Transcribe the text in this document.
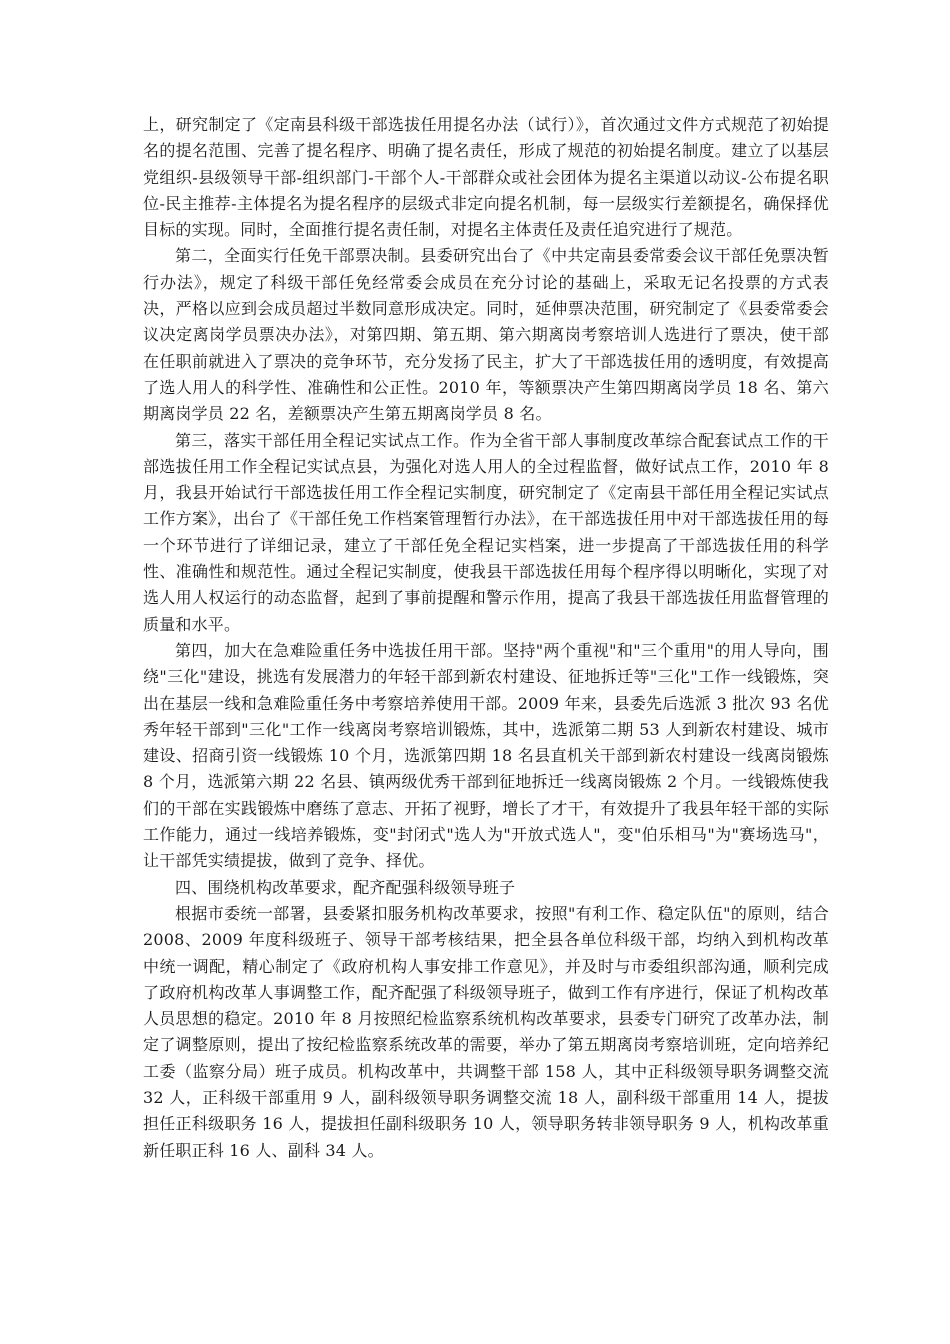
上，研究制定了《定南县科级干部选拔任用提名办法（试行）》，首次通过文件方式规范了初始提名的提名范围、完善了提名程序、明确了提名责任，形成了规范的初始提名制度。建立了以基层党组织-县级领导干部-组织部门-干部个人-干部群众或社会团体为提名主渠道以动议-公布提名职位-民主推荐-主体提名为提名程序的层级式非定向提名机制，每一层级实行差额提名，确保择优目标的实现。同时，全面推行提名责任制，对提名主体责任及责任追究进行了规范。

第二，全面实行任免干部票决制。县委研究出台了《中共定南县委常委会议干部任免票决暂行办法》，规定了科级干部任免经常委会成员在充分讨论的基础上，采取无记名投票的方式表决，严格以应到会成员超过半数同意形成决定。同时，延伸票决范围，研究制定了《县委常委会议决定离岗学员票决办法》，对第四期、第五期、第六期离岗考察培训人选进行了票决，使干部在任职前就进入了票决的竞争环节，充分发扬了民主，扩大了干部选拔任用的透明度，有效提高了选人用人的科学性、准确性和公正性。2010 年，等额票决产生第四期离岗学员 18 名、第六期离岗学员 22 名，差额票决产生第五期离岗学员 8 名。

第三，落实干部任用全程记实试点工作。作为全省干部人事制度改革综合配套试点工作的干部选拔任用工作全程记实试点县，为强化对选人用人的全过程监督，做好试点工作，2010 年 8 月，我县开始试行干部选拔任用工作全程记实制度，研究制定了《定南县干部任用全程记实试点工作方案》，出台了《干部任免工作档案管理暂行办法》，在干部选拔任用中对干部选拔任用的每一个环节进行了详细记录，建立了干部任免全程记实档案，进一步提高了干部选拔任用的科学性、准确性和规范性。通过全程记实制度，使我县干部选拔任用每个程序得以明晰化，实现了对选人用人权运行的动态监督，起到了事前提醒和警示作用，提高了我县干部选拔任用监督管理的质量和水平。

第四，加大在急难险重任务中选拔任用干部。坚持"两个重视"和"三个重用"的用人导向，围绕"三化"建设，挑选有发展潜力的年轻干部到新农村建设、征地拆迁等"三化"工作一线锻炼，突出在基层一线和急难险重任务中考察培养使用干部。2009 年来，县委先后选派 3 批次 93 名优秀年轻干部到"三化"工作一线离岗考察培训锻炼，其中，选派第二期 53 人到新农村建设、城市建设、招商引资一线锻炼 10 个月，选派第四期 18 名县直机关干部到新农村建设一线离岗锻炼 8 个月，选派第六期 22 名县、镇两级优秀干部到征地拆迁一线离岗锻炼 2 个月。一线锻炼使我们的干部在实践锻炼中磨练了意志、开拓了视野，增长了才干，有效提升了我县年轻干部的实际工作能力，通过一线培养锻炼，变"封闭式"选人为"开放式选人"，变"伯乐相马"为"赛场选马"，让干部凭实绩提拔，做到了竞争、择优。

四、围绕机构改革要求，配齐配强科级领导班子

根据市委统一部署，县委紧扣服务机构改革要求，按照"有利工作、稳定队伍"的原则，结合 2008、2009 年度科级班子、领导干部考核结果，把全县各单位科级干部，均纳入到机构改革中统一调配，精心制定了《政府机构人事安排工作意见》，并及时与市委组织部沟通，顺利完成了政府机构改革人事调整工作，配齐配强了科级领导班子，做到工作有序进行，保证了机构改革人员思想的稳定。2010 年 8 月按照纪检监察系统机构改革要求，县委专门研究了改革办法，制定了调整原则，提出了按纪检监察系统改革的需要，举办了第五期离岗考察培训班，定向培养纪工委（监察分局）班子成员。机构改革中，共调整干部 158 人，其中正科级领导职务调整交流 32 人，正科级干部重用 9 人，副科级领导职务调整交流 18 人，副科级干部重用 14 人，提拔担任正科级职务 16 人，提拔担任副科级职务 10 人，领导职务转非领导职务 9 人，机构改革重新任职正科 16 人、副科 34 人。
